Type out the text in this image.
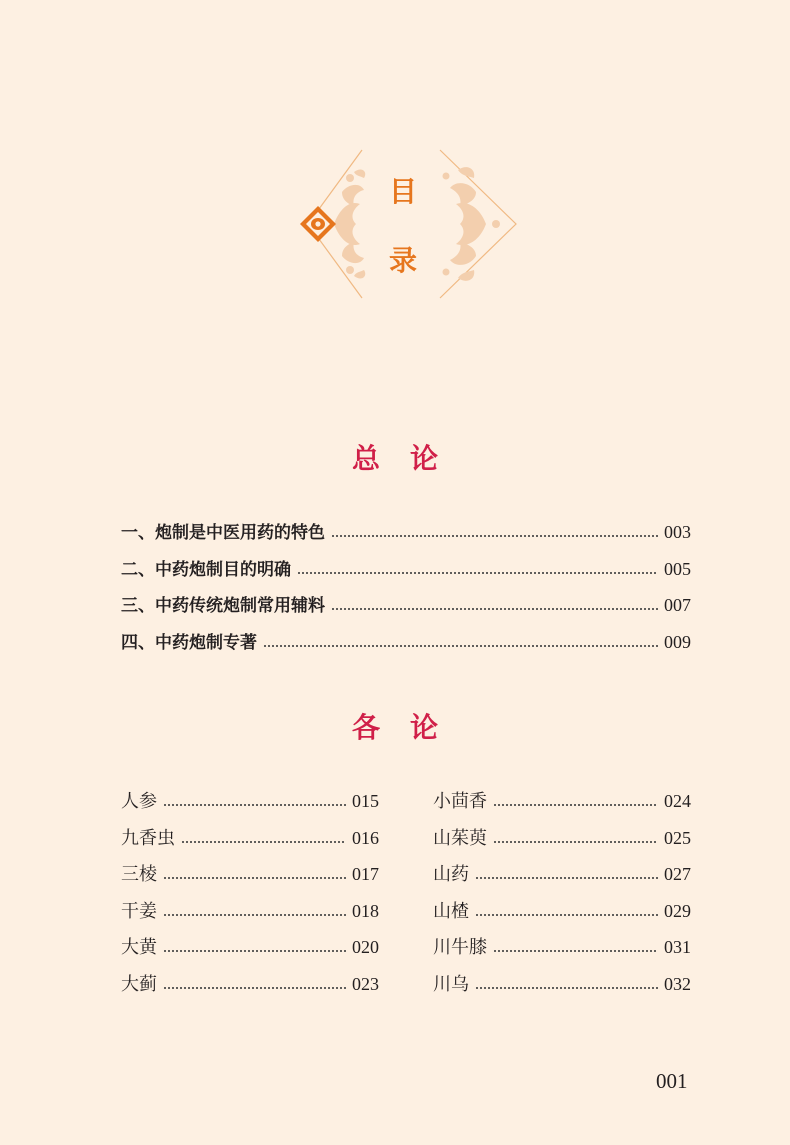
目
录
总论
一、炮制是中医用药的特色	003
二、中药炮制目的明确	005
三、中药传统炮制常用辅料	007
四、中药炮制专著	009
各论
人参	015
九香虫	016
三棱	017
干姜	018
大黄	020
大蓟	023
小茴香	024
山茱萸	025
山药	027
山楂	029
川牛膝	031
川乌	032
001
